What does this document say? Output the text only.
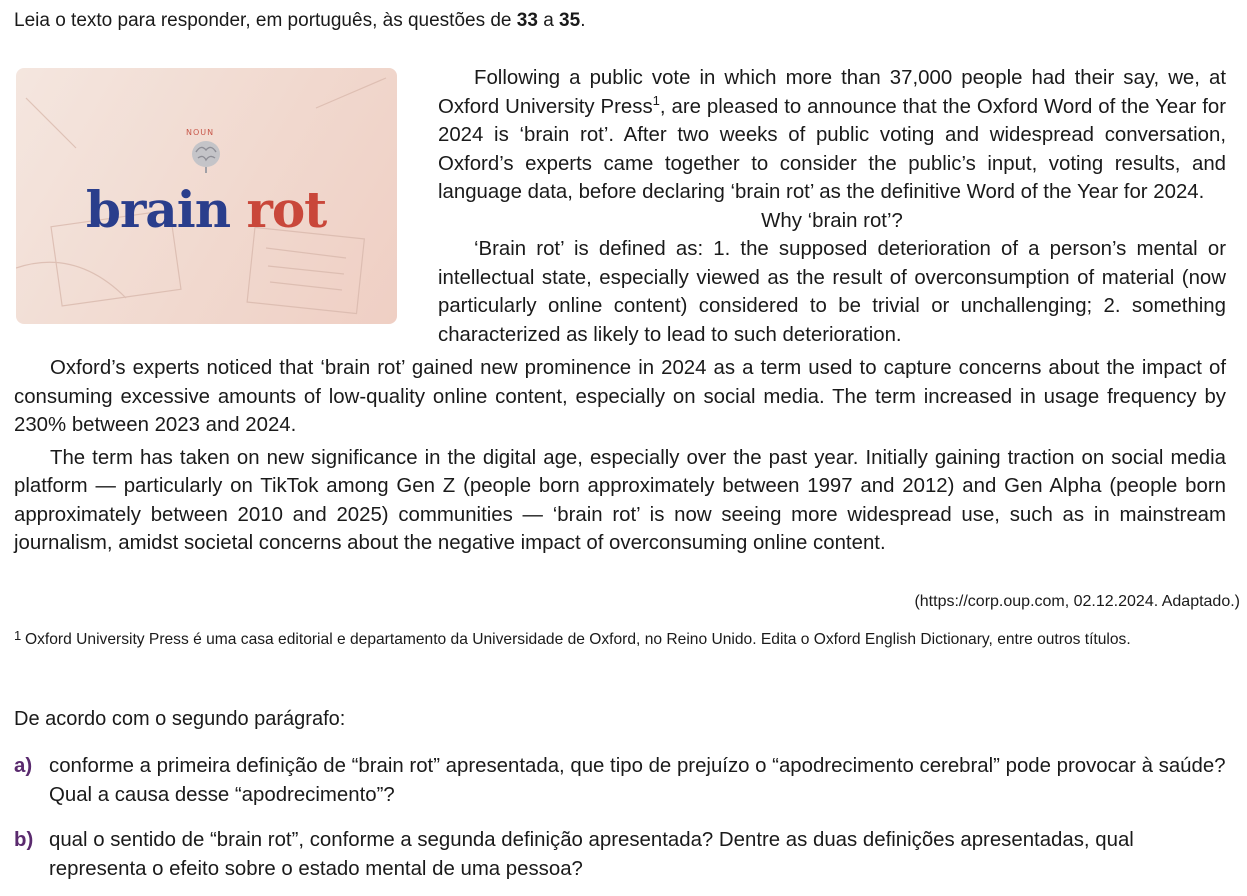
Leia o texto para responder, em português, às questões de 33 a 35.
NOUN
brain rot

Following a public vote in which more than 37,000 people had their say, we, at Oxford University Press$^1$, are pleased to announce that the Oxford Word of the Year for 2024 is ‘brain rot’. After two weeks of public voting and widespread conversation, Oxford’s experts came together to consider the public’s input, voting results, and language data, before declaring ‘brain rot’ as the definitive Word of the Year for 2024.

Why ‘brain rot’?

‘Brain rot’ is defined as: 1. the supposed deterioration of a person’s mental or intellectual state, especially viewed as the result of overconsumption of material (now particularly online content) considered to be trivial or unchallenging; 2. something characterized as likely to lead to such deterioration.

Oxford’s experts noticed that ‘brain rot’ gained new prominence in 2024 as a term used to capture concerns about the impact of consuming excessive amounts of low-quality online content, especially on social media. The term increased in usage frequency by 230% between 2023 and 2024.

The term has taken on new significance in the digital age, especially over the past year. Initially gaining traction on social media platform — particularly on TikTok among Gen Z (people born approximately between 1997 and 2012) and Gen Alpha (people born approximately between 2010 and 2025) communities — ‘brain rot’ is now seeing more widespread use, such as in mainstream journalism, amidst societal concerns about the negative impact of overconsuming online content.

(https://corp.oup.com, 02.12.2024. Adaptado.)
1 Oxford University Press é uma casa editorial e departamento da Universidade de Oxford, no Reino Unido. Edita o Oxford English Dictionary, entre outros títulos.
De acordo com o segundo parágrafo:
a) conforme a primeira definição de “brain rot” apresentada, que tipo de prejuízo o “apodrecimento cerebral” pode provocar à saúde? Qual a causa desse “apodrecimento”?
b) qual o sentido de “brain rot”, conforme a segunda definição apresentada? Dentre as duas definições apresentadas, qual representa o efeito sobre o estado mental de uma pessoa?
